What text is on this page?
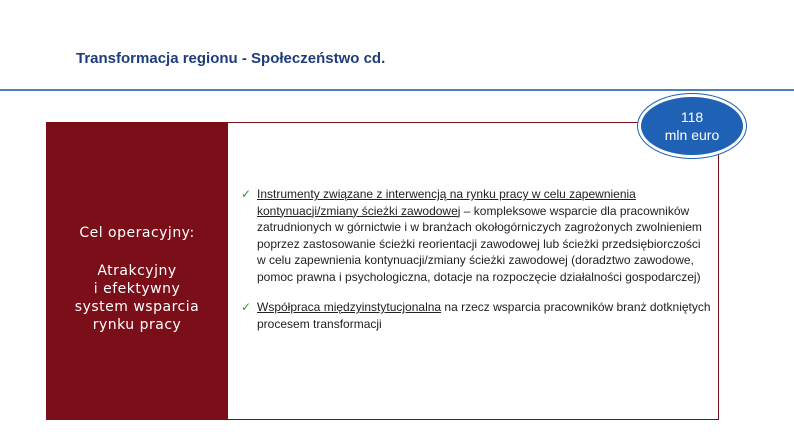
Transformacja regionu - Społeczeństwo cd.
Cel operacyjny:
Atrakcyjny
i efektywny
system wsparcia
rynku pracy
118
mln euro
✓ Instrumenty związane z interwencją na rynku pracy w celu zapewnienia kontynuacji/zmiany ścieżki zawodowej – kompleksowe wsparcie dla pracowników zatrudnionych w górnictwie i w branżach okołogórniczych zagrożonych zwolnieniem poprzez zastosowanie ścieżki reorientacji zawodowej lub ścieżki przedsiębiorczości w celu zapewnienia kontynuacji/zmiany ścieżki zawodowej (doradztwo zawodowe, pomoc prawna i psychologiczna, dotacje na rozpoczęcie działalności gospodarczej)
✓ Współpraca międzyinstytucjonalna na rzecz wsparcia pracowników branż dotkniętych procesem transformacji
